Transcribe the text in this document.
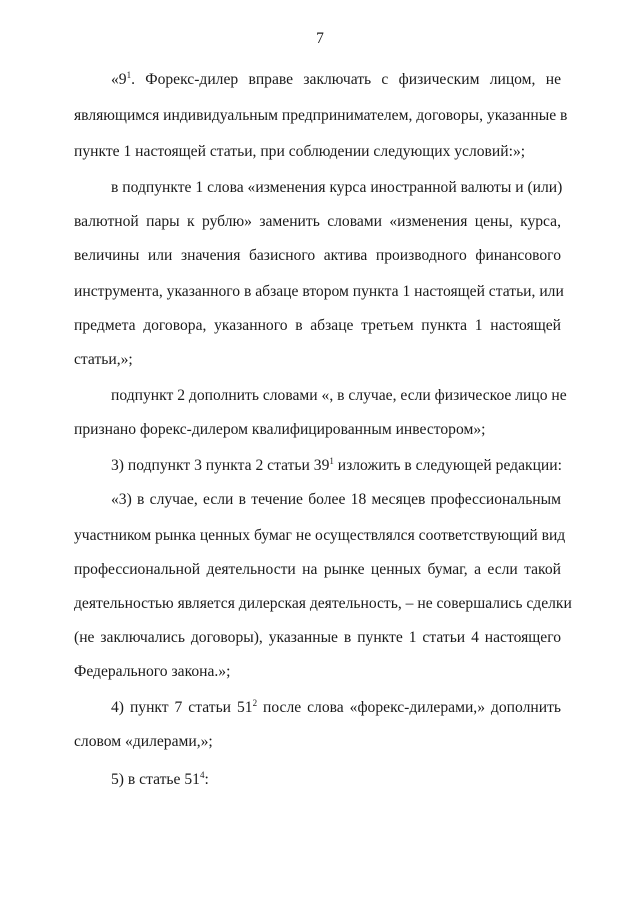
7
«$9^1$. Форекс-дилер вправе заключать с физическим лицом, не
являющимся индивидуальным предпринимателем, договоры, указанные в
пункте 1 настоящей статьи, при соблюдении следующих условий:»;
в подпункте 1 слова «изменения курса иностранной валюты и (или)
валютной пары к рублю» заменить словами «изменения цены, курса,
величины или значения базисного актива производного финансового
инструмента, указанного в абзаце втором пункта 1 настоящей статьи, или
предмета договора, указанного в абзаце третьем пункта 1 настоящей
статьи,»;
подпункт 2 дополнить словами «, в случае, если физическое лицо не
признано форекс-дилером квалифицированным инвестором»;
3) подпункт 3 пункта 2 статьи $39^1$ изложить в следующей редакции:
«3) в случае, если в течение более 18 месяцев профессиональным
участником рынка ценных бумаг не осуществлялся соответствующий вид
профессиональной деятельности на рынке ценных бумаг, а если такой
деятельностью является дилерская деятельность, – не совершались сделки
(не заключались договоры), указанные в пункте 1 статьи 4 настоящего
Федерального закона.»;
4) пункт 7 статьи $51^2$ после слова «форекс-дилерами,» дополнить
словом «дилерами,»;
5) в статье $51^4$:
